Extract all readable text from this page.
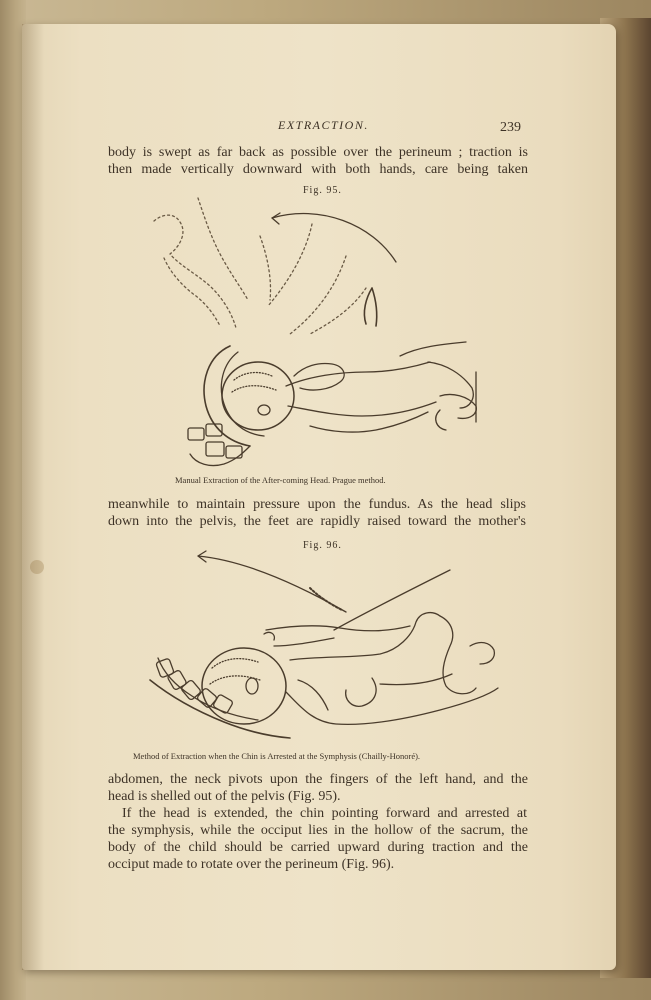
EXTRACTION.	239
body is swept as far back as possible over the perineum ; traction is
then made vertically downward with both hands, care being taken
Fig. 95.
Manual Extraction of the After-coming Head. Prague method.
meanwhile to maintain pressure upon the fundus. As the head slips
down into the pelvis, the feet are rapidly raised toward the mother's
Fig. 96.
Method of Extraction when the Chin is Arrested at the Symphysis (Chailly-Honoré).
abdomen, the neck pivots upon the fingers of the left hand, and the
head is shelled out of the pelvis (Fig. 95).
If the head is extended, the chin pointing forward and arrested at
the symphysis, while the occiput lies in the hollow of the sacrum, the
body of the child should be carried upward during traction and the
occiput made to rotate over the perineum (Fig. 96).
